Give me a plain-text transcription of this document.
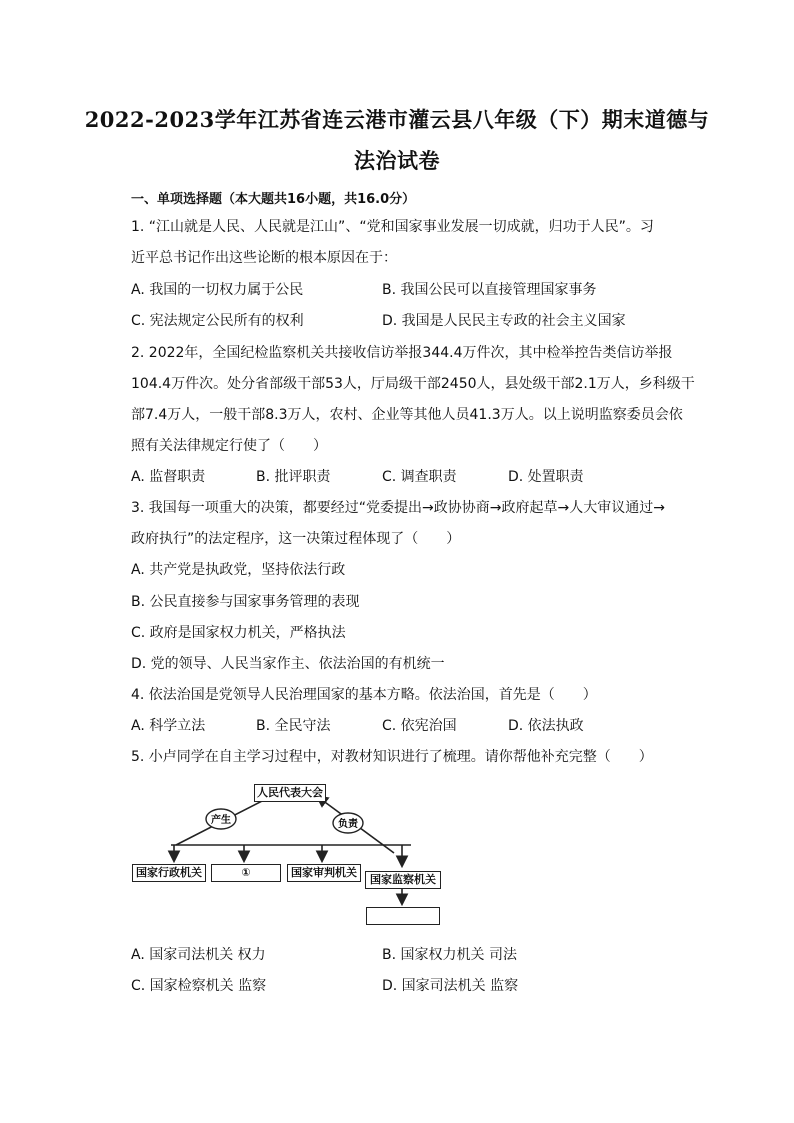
2022-2023学年江苏省连云港市灌云县八年级（下）期末道德与
法治试卷
一、单项选择题（本大题共16小题，共16.0分）
1. “江山就是人民、人民就是江山”、“党和国家事业发展一切成就，归功于人民”。习
近平总书记作出这些论断的根本原因在于：
A. 我国的一切权力属于公民	B. 我国公民可以直接管理国家事务
C. 宪法规定公民所有的权利	D. 我国是人民民主专政的社会主义国家
2. 2022年，全国纪检监察机关共接收信访举报344.4万件次，其中检举控告类信访举报
104.4万件次。处分省部级干部53人，厅局级干部2450人，县处级干部2.1万人，乡科级干
部7.4万人，一般干部8.3万人，农村、企业等其他人员41.3万人。以上说明监察委员会依
照有关法律规定行使了（　　）
A. 监督职责	B. 批评职责	C. 调查职责	D. 处置职责
3. 我国每一项重大的决策，都要经过“党委提出→政协协商→政府起草→人大审议通过→
政府执行”的法定程序，这一决策过程体现了（　　）
A. 共产党是执政党，坚持依法行政
B. 公民直接参与国家事务管理的表现
C. 政府是国家权力机关，严格执法
D. 党的领导、人民当家作主、依法治国的有机统一
4. 依法治国是党领导人民治理国家的基本方略。依法治国，首先是（　　）
A. 科学立法	B. 全民守法	C. 依宪治国	D. 依法执政
5. 小卢同学在自主学习过程中，对教材知识进行了梳理。请你帮他补充完整（　　）
产生	负责
人民代表大会
国家行政机关	①	国家审判机关
国家监察机关
A. 国家司法机关 权力	B. 国家权力机关 司法
C. 国家检察机关 监察	D. 国家司法机关 监察
